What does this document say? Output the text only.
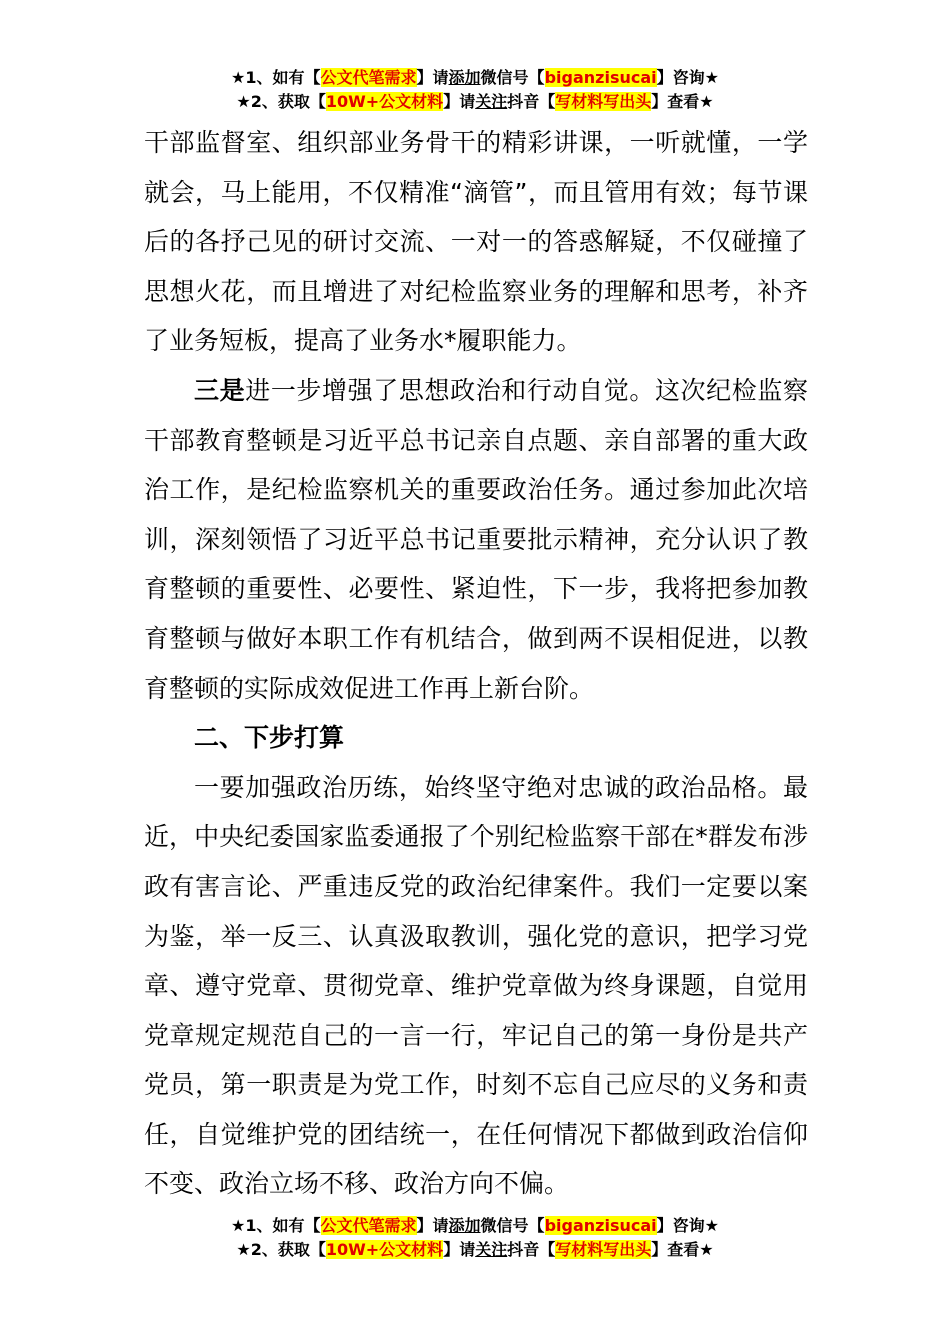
★1、如有【公文代笔需求】请添加微信号【biganzisucai】咨询★
★2、获取【10W+公文材料】请关注抖音【写材料写出头】查看★

干部监督室、组织部业务骨干的精彩讲课，一听就懂，一学就会，马上能用，不仅精准“滴管”，而且管用有效；每节课后的各抒己见的研讨交流、一对一的答惑解疑，不仅碰撞了思想火花，而且增进了对纪检监察业务的理解和思考，补齐了业务短板，提高了业务水*履职能力。

三是进一步增强了思想政治和行动自觉。这次纪检监察干部教育整顿是习近平总书记亲自点题、亲自部署的重大政治工作，是纪检监察机关的重要政治任务。通过参加此次培训，深刻领悟了习近平总书记重要批示精神，充分认识了教育整顿的重要性、必要性、紧迫性，下一步，我将把参加教育整顿与做好本职工作有机结合，做到两不误相促进，以教育整顿的实际成效促进工作再上新台阶。

二、下步打算

一要加强政治历练，始终坚守绝对忠诚的政治品格。最近，中央纪委国家监委通报了个别纪检监察干部在*群发布涉政有害言论、严重违反党的政治纪律案件。我们一定要以案为鉴，举一反三、认真汲取教训，强化党的意识，把学习党章、遵守党章、贯彻党章、维护党章做为终身课题，自觉用党章规定规范自己的一言一行，牢记自己的第一身份是共产党员，第一职责是为党工作，时刻不忘自己应尽的义务和责任，自觉维护党的团结统一，在任何情况下都做到政治信仰不变、政治立场不移、政治方向不偏。

★1、如有【公文代笔需求】请添加微信号【biganzisucai】咨询★
★2、获取【10W+公文材料】请关注抖音【写材料写出头】查看★
